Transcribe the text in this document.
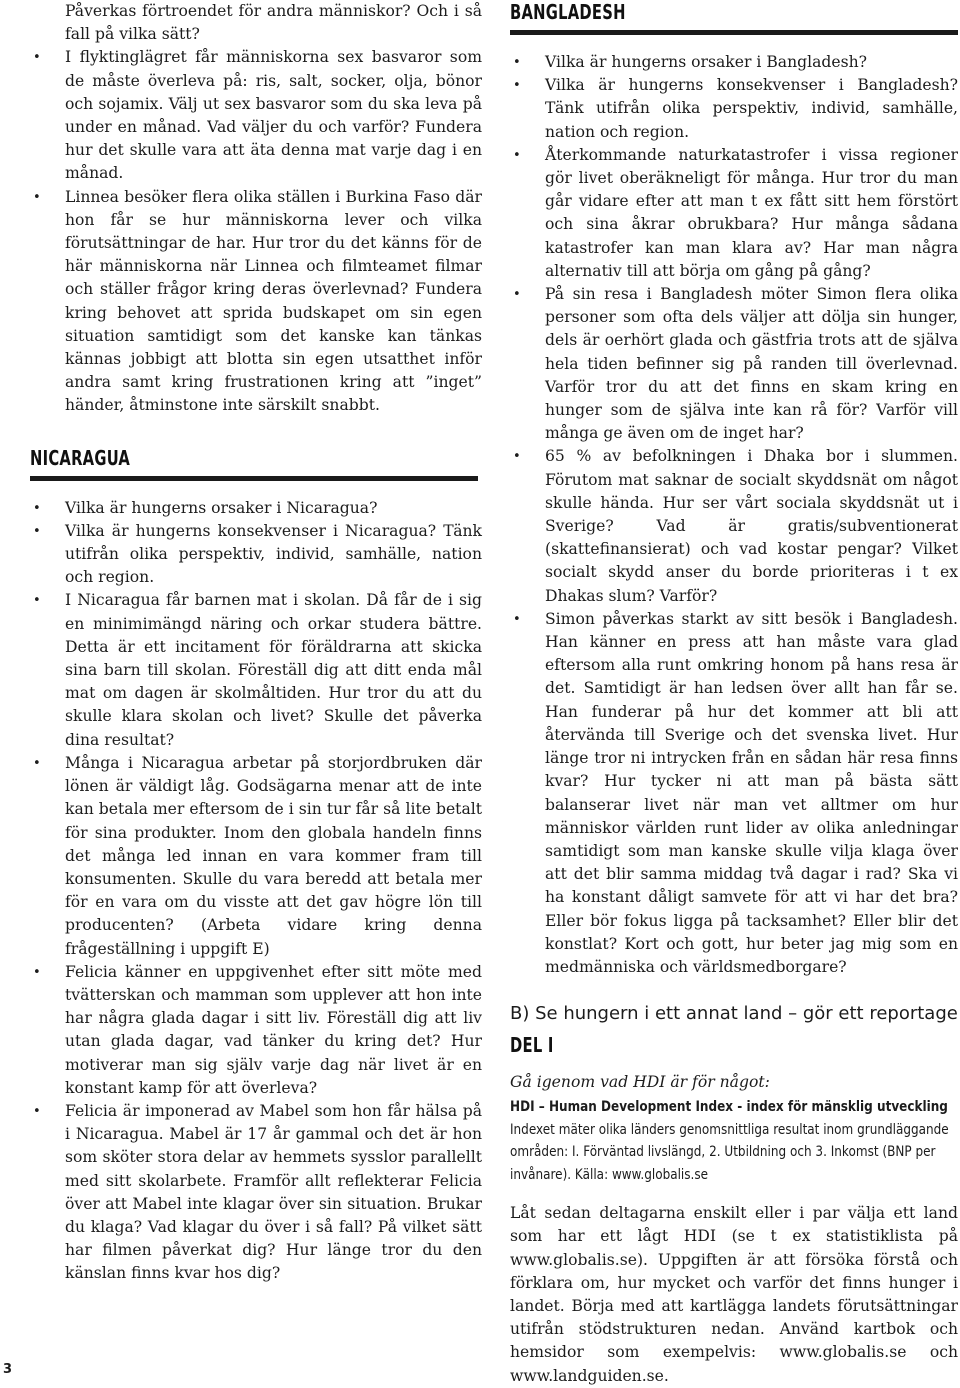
Påverkas förtroendet för andra människor? Och i så fall på vilka sätt?
• I flyktinglägret får människorna sex basvaror som de måste överleva på: ris, salt, socker, olja, bönor och sojamix. Välj ut sex basvaror som du ska leva på under en månad. Vad väljer du och varför? Fundera hur det skulle vara att äta denna mat varje dag i en månad.
• Linnea besöker flera olika ställen i Burkina Faso där hon får se hur människorna lever och vilka förutsättningar de har. Hur tror du det känns för de här människorna när Linnea och filmteamet filmar och ställer frågor kring deras överlevnad? Fundera kring behovet att sprida budskapet om sin egen situation samtidigt som det kanske kan tänkas kännas jobbigt att blotta sin egen utsatthet inför andra samt kring frustrationen kring att ”inget” händer, åtminstone inte särskilt snabbt.
NICARAGUA
• Vilka är hungerns orsaker i Nicaragua?
• Vilka är hungerns konsekvenser i Nicaragua? Tänk utifrån olika perspektiv, individ, samhälle, nation och region.
• I Nicaragua får barnen mat i skolan. Då får de i sig en minimimängd näring och orkar studera bättre. Detta är ett incitament för föräldrarna att skicka sina barn till skolan. Föreställ dig att ditt enda mål mat om dagen är skolmåltiden. Hur tror du att du skulle klara skolan och livet? Skulle det påverka dina resultat?
• Många i Nicaragua arbetar på storjordbruken där lönen är väldigt låg. Godsägarna menar att de inte kan betala mer eftersom de i sin tur får så lite betalt för sina produkter. Inom den globala handeln finns det många led innan en vara kommer fram till konsumenten. Skulle du vara beredd att betala mer för en vara om du visste att det gav högre lön till producenten? (Arbeta vidare kring denna frågeställning i uppgift E)
• Felicia känner en uppgivenhet efter sitt möte med tvätterskan och mamman som upplever att hon inte har några glada dagar i sitt liv. Föreställ dig att liv utan glada dagar, vad tänker du kring det? Hur motiverar man sig själv varje dag när livet är en konstant kamp för att överleva?
• Felicia är imponerad av Mabel som hon får hälsa på i Nicaragua. Mabel är 17 år gammal och det är hon som sköter stora delar av hemmets sysslor parallellt med sitt skolarbete. Framför allt reflekterar Felicia över att Mabel inte klagar över sin situation. Brukar du klaga? Vad klagar du över i så fall? På vilket sätt har filmen påverkat dig? Hur länge tror du den känslan finns kvar hos dig?
BANGLADESH
• Vilka är hungerns orsaker i Bangladesh?
• Vilka är hungerns konsekvenser i Bangladesh? Tänk utifrån olika perspektiv, individ, samhälle, nation och region.
• Återkommande naturkatastrofer i vissa regioner gör livet oberäkneligt för många. Hur tror du man går vidare efter att man t ex fått sitt hem förstört och sina åkrar obrukbara? Hur många sådana katastrofer kan man klara av? Har man några alternativ till att börja om gång på gång?
• På sin resa i Bangladesh möter Simon flera olika personer som ofta dels väljer att dölja sin hunger, dels är oerhört glada och gästfria trots att de själva hela tiden befinner sig på randen till överlevnad. Varför tror du att det finns en skam kring en hunger som de själva inte kan rå för? Varför vill många ge även om de inget har?
• 65 % av befolkningen i Dhaka bor i slummen. Förutom mat saknar de socialt skyddsnät om något skulle hända. Hur ser vårt sociala skyddsnät ut i Sverige? Vad är gratis/subventionerat (skattefinansierat) och vad kostar pengar? Vilket socialt skydd anser du borde prioriteras i t ex Dhakas slum? Varför?
• Simon påverkas starkt av sitt besök i Bangladesh. Han känner en press att han måste vara glad eftersom alla runt omkring honom på hans resa är det. Samtidigt är han ledsen över allt han får se. Han funderar på hur det kommer att bli att återvända till Sverige och det svenska livet. Hur länge tror ni intrycken från en sådan här resa finns kvar? Hur tycker ni att man på bästa sätt balanserar livet när man vet alltmer om hur människor världen runt lider av olika anledningar samtidigt som man kanske skulle vilja klaga över att det blir samma middag två dagar i rad? Ska vi ha konstant dåligt samvete för att vi har det bra? Eller bör fokus ligga på tacksamhet? Eller blir det konstlat? Kort och gott, hur beter jag mig som en medmänniska och världsmedborgare?
B) Se hungern i ett annat land – gör ett reportage
DEL I
Gå igenom vad HDI är för något:
HDI – Human Development Index - index för mänsklig utveckling
Indexet mäter olika länders genomsnittliga resultat inom grundläggande områden: I. Förväntad livslängd, 2. Utbildning och 3. Inkomst (BNP per invånare). Källa: www.globalis.se

Låt sedan deltagarna enskilt eller i par välja ett land som har ett lågt HDI (se t ex statistiklista på www.globalis.se). Uppgiften är att försöka förstå och förklara om, hur mycket och varför det finns hunger i landet. Börja med att kartlägga landets förutsättningar utifrån stödstrukturen nedan. Använd kartbok och hemsidor som exempelvis: www.globalis.se och www.landguiden.se.

3
